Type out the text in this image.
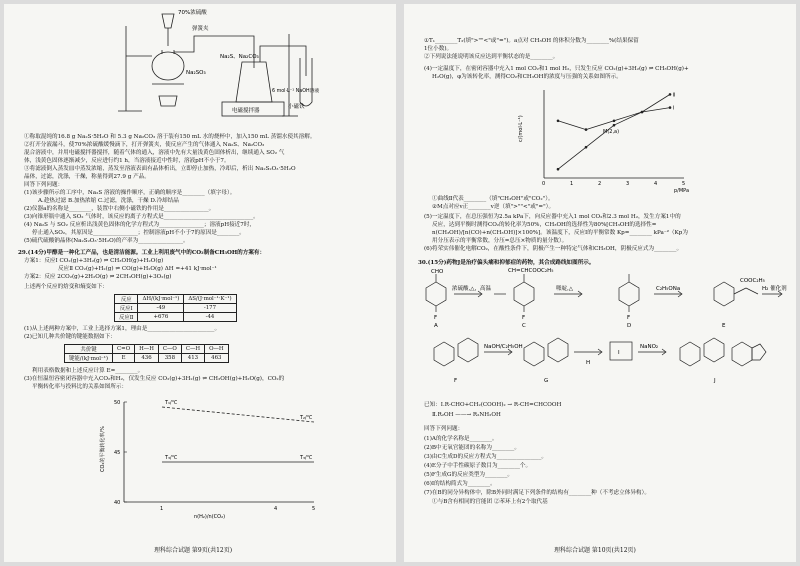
70%浓硫酸
弹簧夹
Na₂SO₃
Na₂S、Na₂CO₃
6 mol·L⁻¹ NaOH溶液
电磁搅拌器
小磁铁
①称取混纯的16.8 g Na₂S·5H₂O 和 5.3 g Na₂CO₃ 溶于装有150 mL 水的烧杯中，加入150 mL 蒸馏水使其溶解。
②打开分液漏斗，使70%浓硫酸缓慢滴下，打开弹簧夹，使反应产生的气体通入 Na₂S、Na₂CO₃
混合溶液中，并用电磁搅拌器搅拌，随着气体的通入，溶液中先有大量浅黄色固体析出，继续通入 SO₂ 气
体，浅黄色固体逐渐减少，反应进行约1 h，当溶液接近中性时，溶液pH不小于7。
③将滤液倒入蒸发皿中蒸发浓缩，蒸发至溶液表面有晶体析出，立即停止加热，冷却后，析出 Na₂S₂O₃·5H₂O
晶体，过滤，洗涤，干燥，称量得到27.9 g 产品。
回答下列问题：
(1)该步骤所示的工序中，Na₂S 溶液的操作顺序，正确的顺序是________（填字母）。
A.趁热过滤 B.加热浓缩 C.过滤，洗涤，干燥 D.冷却结晶
(2)仪器a的名称是________，装置中右侧小磁铁的作用是________________。
(3)向锥形瓶中通入 SO₂ 气体时，该反应的离子方程式是________________________________。
(4) Na₂S 与 SO₂ 反应析出浅黄色固体的化学方程式为________________；溶液pH接近7时，
停止通入SO₂，其原因是________________；控制溶液pH不小于7的原因是________。
(5)硫代硫酸钠晶体(Na₂S₂O₃·5H₂O)的产率为________________。
29.(14分)甲醇是一种化工产品，也是清洁能源。工业上利用废气中的CO₂制备CH₃OH的方案有：
方案1：反应Ⅰ CO₂(g)+3H₂(g) ⇌ CH₃OH(g)+H₂O(g)
反应Ⅱ CO₂(g)+H₂(g) ⇌ CO(g)+H₂O(g) ΔH =+41 kJ·mol⁻¹
方案2：反应 2CO₂(g)+2H₂O(g) ⇌ 2CH₃OH(g)+3O₂(g)
上述两个反应的焓变和熵变如下：
反应	ΔH/(kJ·mol⁻¹)	ΔS/(J·mol⁻¹·K⁻¹)
反应Ⅰ	-49	-177
反应Ⅱ	+676	-44
(1)从上述两种方案中，工业上选择方案1，理由是________________________。
(2)已知几种共价键的键能数据如下：
共价键	C=O	H—H	C—O	C—H	O—H
键能/(kJ·mol⁻¹)	E	436	358	413	463
利用表格数据和上述反应计算 E=________。
(3)在恒温恒容密闭容器中充入CO₂和H₂，仅发生反应 CO₂(g)+3H₂(g) ⇌ CH₃OH(g)+H₂O(g)，CO₂的
平衡转化率与投料比的关系如图所示：
40
45
50
1	4	5
n(H₂)/n(CO₂)
CO₂的平衡转化率/%
T₁/℃
T₂/℃
T₃/℃	T₃/℃
理科综合试题 第9页(共12页)
①T₁________T₂(填">""<"或"=")。a点对 CH₃OH 的体积分数为________%(结果保留
1位小数)。
②下列说法能说明该反应达到平衡状态的是________。
(4)一定温度下，在密闭容器中充入1 mol CO₂和1 mol H₂，只发生反应 CO₂(g)+3H₂(g) ⇌ CH₃OH(g)+
H₂O(g)，φ为该转化率，测得CO₂和CH₃OH的浓度与压强的关系如图所示。
0	1	2	3	4	5
p/MPa
c/(mol·L⁻¹)
Ⅱ
Ⅰ
M(2,a)
①曲线Ⅱ代表________（填"CH₃OH"或"CO₂"）。
②M点对应v正________v逆（填">""<"或"="）。
(5)一定温度下，在总压强恒为2.5a kPa下，向反应器中充入1 mol CO₂和2.3 mol H₂，发生方案1中的
反应，达到平衡时测得CO₂的转化率为50%，CH₃OH的选择性为80%[CH₃OH的选择性=
n(CH₃OH)/[n(CO)+n(CH₃OH)]×100%]。该温度下，反应Ⅰ的平衡常数 Kp=________ kPa⁻²（Kp为
用分压表示的平衡常数，分压=总压×物质的量分数）。
(6)将荣实伟催化电解CO₂，在酸性条件下，阴极产生一种特定气体和CH₃OH，阴极反应式为________。
30.(15分)药物J是治疗偏头痛和抑郁症的药物，其合成路线如图所示。
CHO
F
A
浓硫酸,△，高温
CH=CHCOOC₂H₅
哌啶,△
F
C
F
D
C₂H₅ONa
COOC₂H₅
E
H₂ 催化剂
F
NaOH/C₂H₅OH
G
H
I
NaNO₂
J
已知：Ⅰ.R-CHO+CH₂(COOH)₂ → R-CH=CHCOOH
Ⅱ.R₂OH ——→ R₂NH₂OH
回答下列问题：
(1)A的化学名称是________。
(2)B中无氧官能团的名称为________。
(3)由C生成D的反应方程式为________________。
(4)E分子中手性碳原子数目为________个。
(5)F生成G的反应类型为________。
(6)I的结构简式为________。
(7)在B的同分异构体中，除B外同时满足下列条件的结构有________种（不考虑立体异构）。
①与B含有相同的官能团 ②苯环上有2个取代基
理科综合试题 第10页(共12页)
